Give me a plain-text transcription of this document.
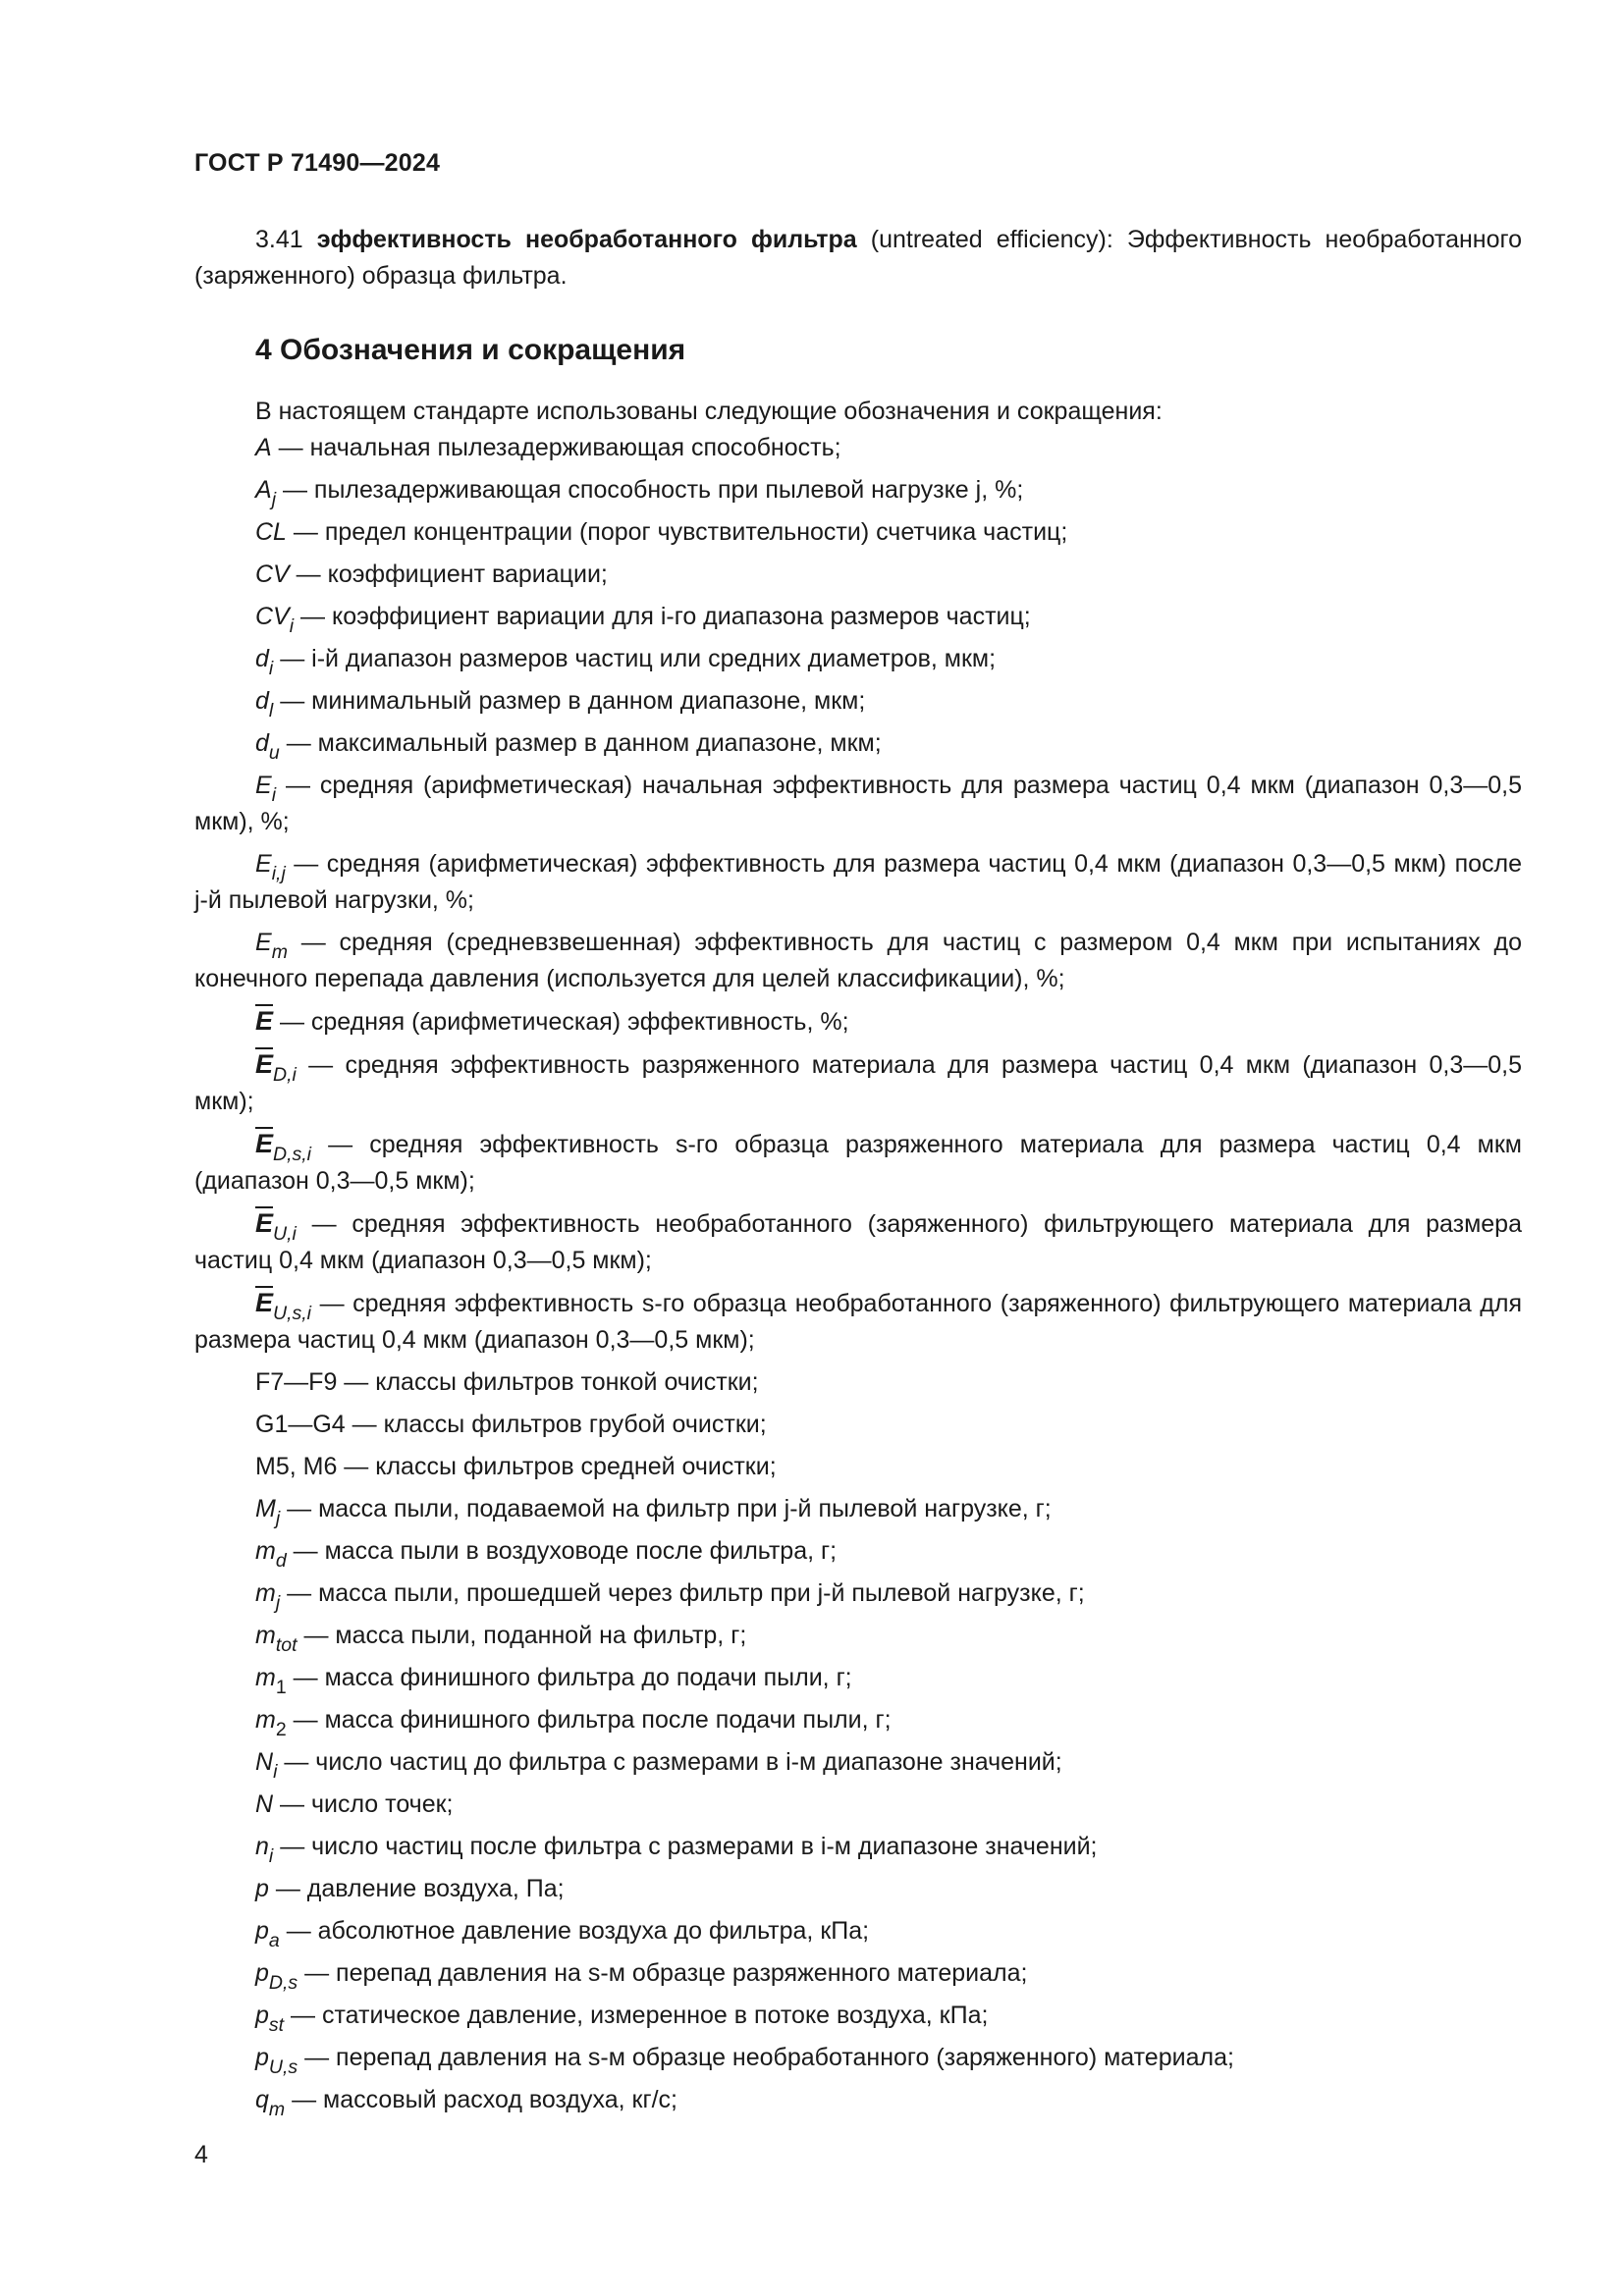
ГОСТ Р 71490—2024

3.41 эффективность необработанного фильтра (untreated efficiency): Эффективность необработанного (заряженного) образца фильтра.

4 Обозначения и сокращения

В настоящем стандарте использованы следующие обозначения и сокращения:

A — начальная пылезадерживающая способность;

$A_j$ — пылезадерживающая способность при пылевой нагрузке j, %;

CL — предел концентрации (порог чувствительности) счетчика частиц;

CV — коэффициент вариации;

$CV_i$ — коэффициент вариации для i-го диапазона размеров частиц;

$d_i$ — i-й диапазон размеров частиц или средних диаметров, мкм;

$d_l$ — минимальный размер в данном диапазоне, мкм;

$d_u$ — максимальный размер в данном диапазоне, мкм;

$E_i$ — средняя (арифметическая) начальная эффективность для размера частиц 0,4 мкм (диапазон 0,3—0,5 мкм), %;

$E_{i,j}$ — средняя (арифметическая) эффективность для размера частиц 0,4 мкм (диапазон 0,3—0,5 мкм) после j-й пылевой нагрузки, %;

$E_m$ — средняя (средневзвешенная) эффективность для частиц с размером 0,4 мкм при испытаниях до конечного перепада давления (используется для целей классификации), %;

$\overline{E}$ — средняя (арифметическая) эффективность, %;

$\overline{E}_{D,i}$ — средняя эффективность разряженного материала для размера частиц 0,4 мкм (диапазон 0,3—0,5 мкм);

$\overline{E}_{D,s,i}$ — средняя эффективность s-го образца разряженного материала для размера частиц 0,4 мкм (диапазон 0,3—0,5 мкм);

$\overline{E}_{U,i}$ — средняя эффективность необработанного (заряженного) фильтрующего материала для размера частиц 0,4 мкм (диапазон 0,3—0,5 мкм);

$\overline{E}_{U,s,i}$ — средняя эффективность s-го образца необработанного (заряженного) фильтрующего материала для размера частиц 0,4 мкм (диапазон 0,3—0,5 мкм);

F7—F9 — классы фильтров тонкой очистки;

G1—G4 — классы фильтров грубой очистки;

M5, M6 — классы фильтров средней очистки;

$M_j$ — масса пыли, подаваемой на фильтр при j-й пылевой нагрузке, г;

$m_d$ — масса пыли в воздуховоде после фильтра, г;

$m_j$ — масса пыли, прошедшей через фильтр при j-й пылевой нагрузке, г;

$m_{tot}$ — масса пыли, поданной на фильтр, г;

$m_1$ — масса финишного фильтра до подачи пыли, г;

$m_2$ — масса финишного фильтра после подачи пыли, г;

$N_i$ — число частиц до фильтра с размерами в i-м диапазоне значений;

N — число точек;

$n_i$ — число частиц после фильтра с размерами в i-м диапазоне значений;

p — давление воздуха, Па;

$p_a$ — абсолютное давление воздуха до фильтра, кПа;

$p_{D,s}$ — перепад давления на s-м образце разряженного материала;

$p_{st}$ — статическое давление, измеренное в потоке воздуха, кПа;

$p_{U,s}$ — перепад давления на s-м образце необработанного (заряженного) материала;

$q_m$ — массовый расход воздуха, кг/с;

4
